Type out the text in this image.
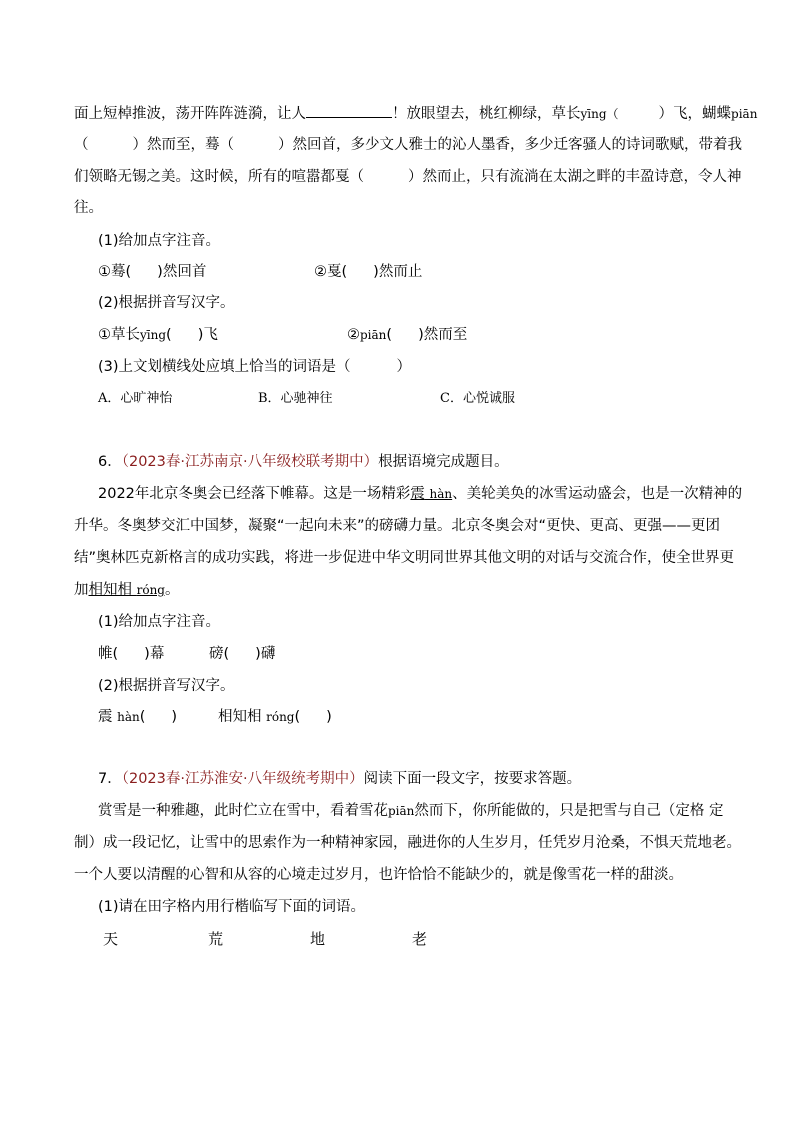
面上短棹推波，荡开阵阵涟漪，让人	！放眼望去，桃红柳绿，草长yīng（	）飞，蝴蝶piān
（	）然而至，蓦（	）然回首，多少文人雅士的沁人墨香，多少迁客骚人的诗词歌赋，带着我
们领略无锡之美。这时候，所有的喧嚣都戛（	）然而止，只有流淌在太湖之畔的丰盈诗意，令人神
往。
(1)给加点字注音。
①蓦( )然回首	②戛( )然而止
(2)根据拼音写汉字。
①草长yīng( )飞	②piān( )然而至
(3)上文划横线处应填上恰当的词语是（	）
A．心旷神怡	B．心驰神往	C．心悦诚服
6．（2023春·江苏南京·八年级校联考期中）根据语境完成题目。
2022年北京冬奥会已经落下帷幕。这是一场精彩震 hàn、美轮美奂的冰雪运动盛会，也是一次精神的
升华。冬奥梦交汇中国梦，凝聚“一起向未来”的磅礴力量。北京冬奥会对“更快、更高、更强——更团
结”奥林匹克新格言的成功实践，将进一步促进中华文明同世界其他文明的对话与交流合作，使全世界更
加相知相 róng。
(1)给加点字注音。
帷( )幕	磅( )礴
(2)根据拼音写汉字。
震 hàn( )	相知相 róng( )
7．（2023春·江苏淮安·八年级统考期中）阅读下面一段文字，按要求答题。
赏雪是一种雅趣，此时伫立在雪中，看着雪花piān然而下，你所能做的，只是把雪与自己（定格 定
制）成一段记忆，让雪中的思索作为一种精神家园，融进你的人生岁月，任凭岁月沧桑，不惧天荒地老。
一个人要以清醒的心智和从容的心境走过岁月，也许恰恰不能缺少的，就是像雪花一样的甜淡。
(1)请在田字格内用行楷临写下面的词语。
天	荒	地	老
